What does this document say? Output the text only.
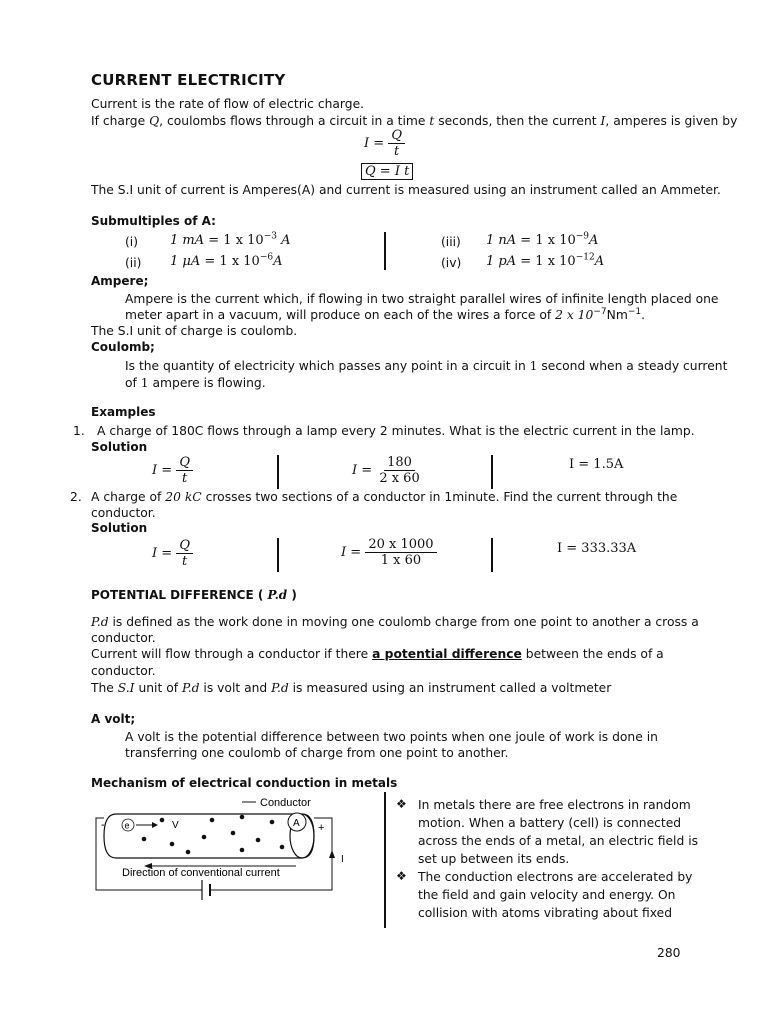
CURRENT ELECTRICITY
Current is the rate of flow of electric charge.
If charge Q, coulombs flows through a circuit in a time t seconds, then the current I, amperes is given by
$I = \frac{Q}{t}$
Q = I t
The S.I unit of current is Amperes(A) and current is measured using an instrument called an Ammeter.
Submultiples of A:
(i) 1 mA = 1 x $10^{-3}$ A
(ii) 1 μA = 1 x $10^{-6}A$
(iii) 1 nA = 1 x $10^{-9}A$
(iv) 1 pA = 1 x $10^{-12}A$
Ampere;
Ampere is the current which, if flowing in two straight parallel wires of infinite length placed one
meter apart in a vacuum, will produce on each of the wires a force of 2 x $10^{-7}Nm^{-1}$.
The S.I unit of charge is coulomb.
Coulomb;
Is the quantity of electricity which passes any point in a circuit in 1 second when a steady current
of 1 ampere is flowing.
Examples
1. A charge of 180C flows through a lamp every 2 minutes. What is the electric current in the lamp.
Solution
$I = \frac{Q}{t}$	$I = \frac{180}{2 x 60}$	I = 1.5A
2. A charge of 20 kC crosses two sections of a conductor in 1minute. Find the current through the
conductor.
Solution
$I = \frac{Q}{t}$	$I = \frac{20 x 1000}{1 x 60}$	I = 333.33A
POTENTIAL DIFFERENCE ( P.d )
P.d is defined as the work done in moving one coulomb charge from one point to another a cross a
conductor.
Current will flow through a conductor if there a potential difference between the ends of a
conductor.
The S.I unit of P.d is volt and P.d is measured using an instrument called a voltmeter
A volt;
A volt is the potential difference between two points when one joule of work is done in
transferring one coulomb of charge from one point to another.
Mechanism of electrical conduction in metals
Conductor
-	+
e	V	A
Direction of conventional current
I
❖ In metals there are free electrons in random
motion. When a battery (cell) is connected
across the ends of a metal, an electric field is
set up between its ends.
❖ The conduction electrons are accelerated by
the field and gain velocity and energy. On
collision with atoms vibrating about fixed
280
